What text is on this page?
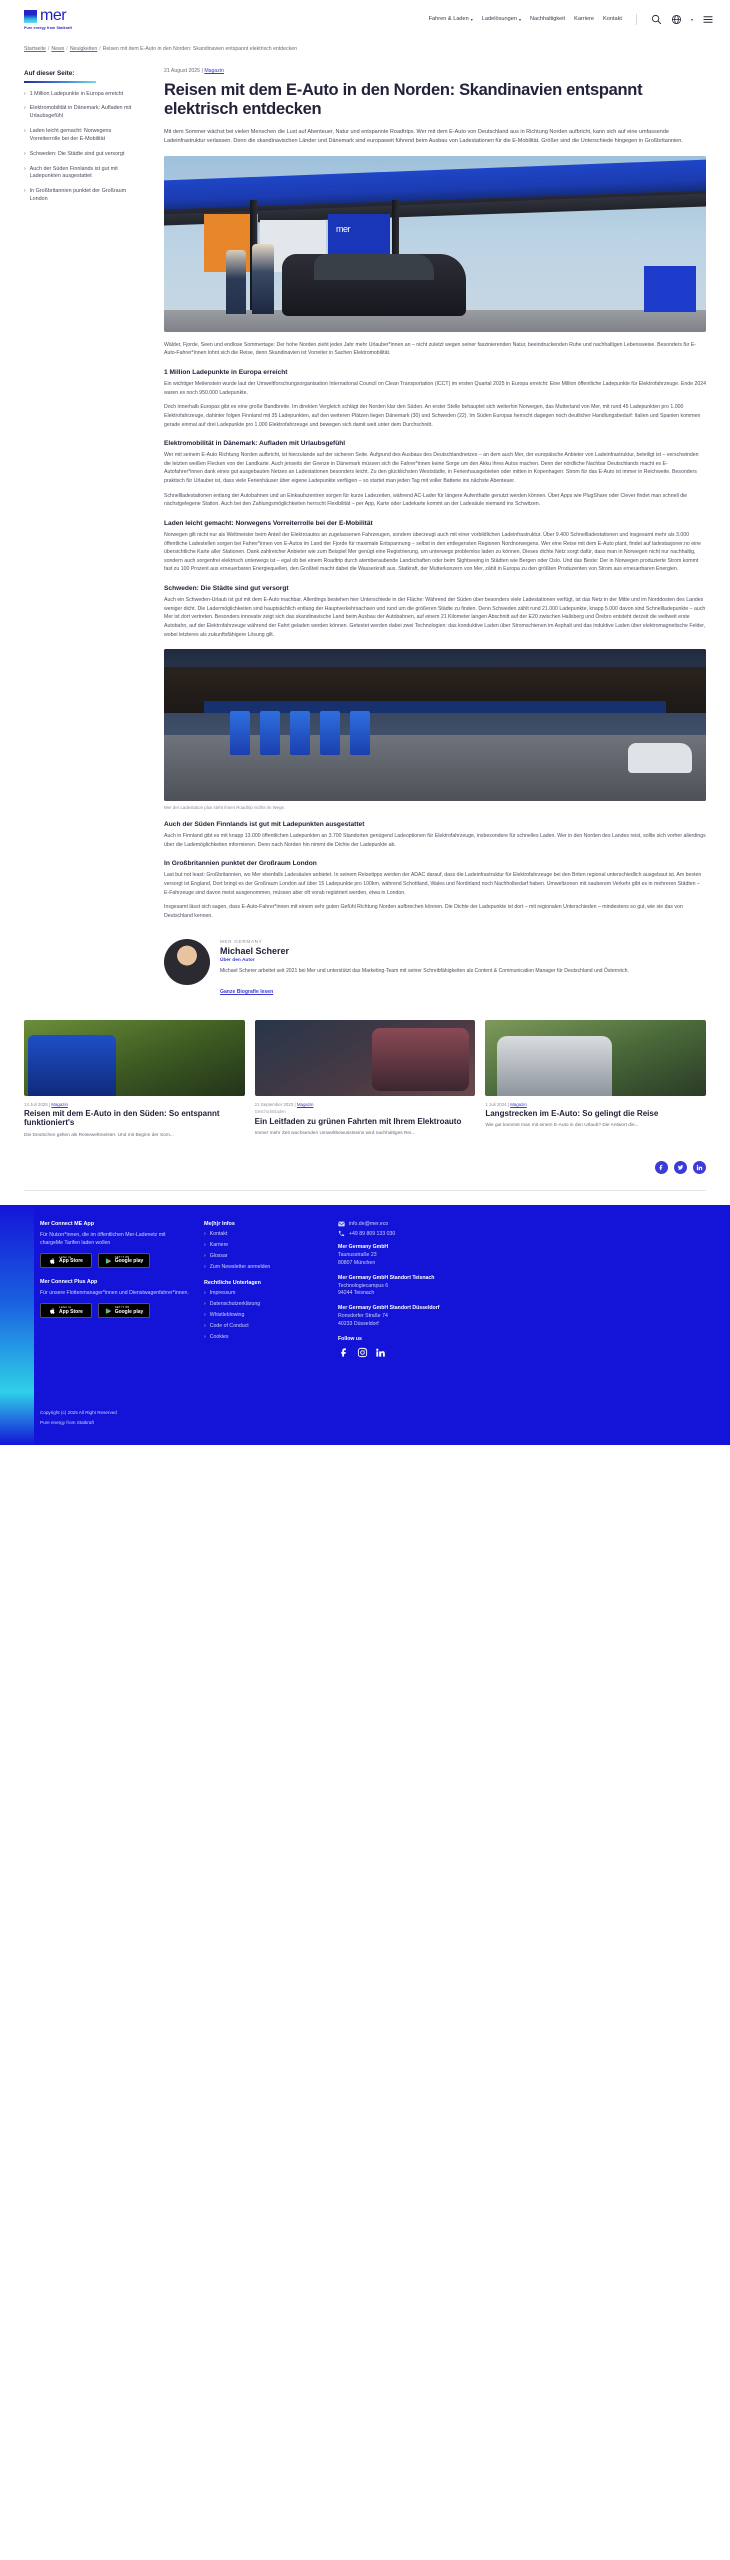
mer
Pure energy from Statkraft
Fahren & Laden ▾ Ladelösungen ▾ Nachhaltigkeit Karriere Kontakt	▾
Startseite / News / Neuigkeiten / Reisen mit dem E-Auto in den Norden: Skandinavien entspannt elektrisch entdecken
Auf dieser Seite:
› 1 Million Ladepunkte in Europa erreicht
› Elektromobilität in Dänemark: Aufladen mit Urlaubsgefühl
› Laden leicht gemacht: Norwegens Vorreiterrolle bei der E-Mobilität
› Schweden: Die Städte sind gut versorgt
› Auch der Süden Finnlands ist gut mit Ladepunkten ausgestattet
› In Großbritannien punktet der Großraum London
21 August 2025 | Magazin
Reisen mit dem E-Auto in den Norden: Skandinavien entspannt elektrisch entdecken

Mit dem Sommer wächst bei vielen Menschen die Lust auf Abenteuer, Natur und entspannte Roadtrips. Wer mit dem E-Auto von Deutschland aus in Richtung Norden aufbricht, kann sich auf eine umfassende Ladeinfrastruktur verlassen. Denn die skandinavischen Länder und Dänemark sind europaweit führend beim Ausbau von Ladestationen für die E-Mobilität. Größer sind die Unterschiede hingegen in Großbritannien.

mer

Wälder, Fjorde, Seen und endlose Sommertage: Der hohe Norden zieht jedes Jahr mehr Urlauber*innen an – nicht zuletzt wegen seiner faszinierenden Natur, beeindruckenden Ruhe und nachhaltigen Lebensweise. Besonders für E-Auto-Fahrer*innen lohnt sich die Reise, denn Skandinavien ist Vorreiter in Sachen Elektromobilität.

1 Million Ladepunkte in Europa erreicht

Ein wichtiger Meilenstein wurde laut der Umweltforschungsorganisation International Council on Clean Transportation (ICCT) im ersten Quartal 2025 in Europa erreicht: Eine Million öffentliche Ladepunkte für Elektrofahrzeuge. Ende 2024 waren es noch 950.000 Ladepunkte.

Doch innerhalb Europas gibt es eine große Bandbreite. Im direkten Vergleich schlägt der Norden klar den Süden. An erster Stelle behauptet sich weiterhin Norwegen, das Mutterland von Mer, mit rund 45 Ladepunkten pro 1.000 Elektrofahrzeuge, dahinter folgen Finnland mit 35 Ladepunkten, auf den weiteren Plätzen liegen Dänemark (30) und Schweden (22). Im Süden Europas herrscht dagegen noch deutlicher Handlungsbedarf: Italien und Spanien kommen gerade einmal auf drei Ladepunkte pro 1.000 Elektrofahrzeuge und bewegen sich damit weit unter dem Durchschnitt.

Elektromobilität in Dänemark: Aufladen mit Urlaubsgefühl

Wer mit seinem E-Auto Richtung Norden aufbricht, ist hierzulande auf der sicheren Seite. Aufgrund des Ausbaus des Deutschlandnetzes – an dem auch Mer, der europäische Anbieter von Ladeinfrastruktur, beteiligt ist – verschwinden die letzten weißen Flecken von der Landkarte. Auch jenseits der Grenze in Dänemark müssen sich die Fahrer*innen keine Sorge um den Akku ihres Autos machen. Denn der nördliche Nachbar Deutschlands macht es E-Autofahrer*innen dank eines gut ausgebauten Netzes an Ladestationen besonders leicht. Zu den glücklichsten Weststädte, in Ferienhausgebieten oder mitten in Kopenhagen: Strom für das E-Auto ist immer in Reichweite. Besonders praktisch für Urlauber ist, dass viele Ferienhäuser über eigene Ladepunkte verfügen – so startet man jeden Tag mit voller Batterie ins nächste Abenteuer.

Schnellladestationen entlang der Autobahnen und an Einkaufszentren sorgen für kurze Ladezeiten, während AC-Lader für längere Aufenthalte genutzt werden können. Über Apps wie PlugShare oder Clever findet man schnell die nächstgelegene Station. Auch bei den Zahlungsmöglichkeiten herrscht Flexibilität – per App, Karte oder Ladekarte kommt an der Ladesäule niemand ins Schwitzen.

Laden leicht gemacht: Norwegens Vorreiterrolle bei der E-Mobilität

Norwegen gilt nicht nur als Weltmeister beim Anteil der Elektroautos an zugelassenen Fahrzeugen, sondern überzeugt auch mit einer vorbildlichen Ladeinfrastruktur. Über 9.400 Schnellladestationen und insgesamt mehr als 3.000 öffentliche Ladestellen sorgen bei Fahrer*innen von E-Autos im Land der Fjorde für maximale Entspannung – selbst in den entlegensten Regionen Nordnorwegens. Wer eine Reise mit dem E-Auto plant, findet auf ladestasjoner.no eine übersichtliche Karte aller Stationen. Dank zahlreicher Anbieter wie zum Beispiel Mer genügt eine Registrierung, um unterwegs problemlos laden zu können. Dieses dichte Netz sorgt dafür, dass man in Norwegen nicht nur nachhaltig, sondern auch sorgenfrei elektrisch unterwegs ist – egal ob bei einem Roadtrip durch atemberaubende Landschaften oder beim Sightseeing in Städten wie Bergen oder Oslo. Und das Beste: Der in Norwegen produzierte Strom kommt fast zu 100 Prozent aus erneuerbaren Energiequellen, den Großteil macht dabei die Wasserkraft aus. Statkraft, der Mutterkonzern von Mer, zählt in Europa zu den größten Produzenten von Strom aus erneuerbaren Energien.

Schweden: Die Städte sind gut versorgt

Auch ein Schweden-Urlaub ist gut mit dem E-Auto machbar. Allerdings bestehen hier Unterschiede in der Fläche: Während der Süden über besonders viele Ladestationen verfügt, ist das Netz in der Mitte und im Norddosten des Landes weniger dicht. Die Ladermöglichkeiten sind hauptsächlich entlang der Hauptverkehrsachsen und rund um die größeren Städte zu finden. Denn Schweden zählt rund 21.000 Ladepunkte, knapp 5.000 davon sind Schnellladepunkte – auch Mer ist dort vertreten. Besonders innovativ zeigt sich das skandinavische Land beim Ausbau der Autobahnen, auf einem 21 Kilometer langen Abschnitt auf der E20 zwischen Hallsberg und Örebro entsteht derzeit die weltweit erste Autobahn, auf der Elektrofahrzeuge während der Fahrt geladen werden können. Getestet werden dabei zwei Technologien: das konduktive Laden über Stromschienen im Asphalt und das induktive Laden über elektromagnetische Felder, wobei letzteres als zukunftsfähigere Lösung gilt.

Mer der Ladestation plus steht ihnen Roadtrip nichts im Wege.
Auch der Süden Finnlands ist gut mit Ladepunkten ausgestattet

Auch in Finnland gibt es mit knapp 13.000 öffentlichen Ladepunkten an 3.700 Standorten genügend Ladeoptionen für Elektrofahrzeuge, insbesondere für schnelles Laden. Wer in den Norden des Landes reist, sollte sich vorher allerdings über die Lademöglichkeiten informieren. Denn nach Norden hin nimmt die Dichte der Ladepunkte ab.

In Großbritannien punktet der Großraum London

Last but not least: Großbritannien, wo Mer ebenfalls Ladesäulen anbietet. In seinem Reisetipps werden der ADAC darauf, dass die Ladeinfrastruktur für Elektrofahrzeuge bei den Briten regional unterschiedlich ausgebaut ist. Am besten versorgt ist England, Dort bringt es der Großraum London auf über 15 Ladepunkte pro 100km, während Schottland, Wales und Nordirland noch Nachholbedarf haben. Umweltzonen mit sauberem Verkehr gibt es in mehreren Städten – E-Fahrzeuge sind davon meist ausgenommen, müssen aber oft vorab registriert werden, etwa in London.

Insgesamt lässt sich sagen, dass E-Auto-Fahrer*innen mit einem sehr guten Gefühl Richtung Norden aufbrechen können. Die Dichte der Ladepunkte ist dort – mit regionalen Unterschieden – mindestens so gut, wie sie das von Deutschland kennen.

MER GERMANY
Michael Scherer
Über den Autor
Michael Scherer arbeitet seit 2021 bei Mer und unterstützt das Marketing-Team mit seiner Schreibfähigkeiten als Content & Communication Manager für Deutschland und Österreich.
Ganze Biografie lesen
14 Juli 2025 | Magazin
Reisen mit dem E-Auto in den Süden: So entspannt funktioniert's

Die Deutschen gelten als Reiseweltmeister. Und mit Beginn der Som...

21 September 2023 | Magazin
Geschichtsladen
Ein Leitfaden zu grünen Fahrten mit Ihrem Elektroauto

Immer mehr Zeit wachsenden Umweltbewusstseins wird nachhaltiges Rei...

1 Juli 2024 | Magazin
Langstrecken im E-Auto: So gelingt die Reise

Wie gut kommst man mit einem E-Auto in den Urlaub? Die Antwort die...

Mer Connect ME App
Für Nutzer*innen, die im öffentlichen Mer-Ladenetz mit chargeMe Tarifen laden wollen
Laden im
App Store
GET IT ON
Google play
Mer Connect Plus App
Für unsere Flottenmanager*innen und Dienstwagenfahrer*innen.
Laden im
App Store
GET IT ON
Google play
Copyright (c) 2025 All Right Reserved
Pure energy from Statkraft
Me(h)r Infos
› Kontakt
› Karriere
› Glossar
› Zum Newsletter anmelden
Rechtliche Unterlagen
› Impressum
› Datenschutzerklärung
› Whistleblowing
› Code of Conduct
› Cookies
info.de@mer.eco
+49 89 809 133 030
Mer Germany GmbH
Taunusstraße 23
80807 München
Mer Germany GmbH Standort Teisnach
Technologiecampus 6
94244 Teisnach
Mer Germany GmbH Standort Düsseldorf
Ronsdorfer Straße 74
40233 Düsseldorf
Follow us
